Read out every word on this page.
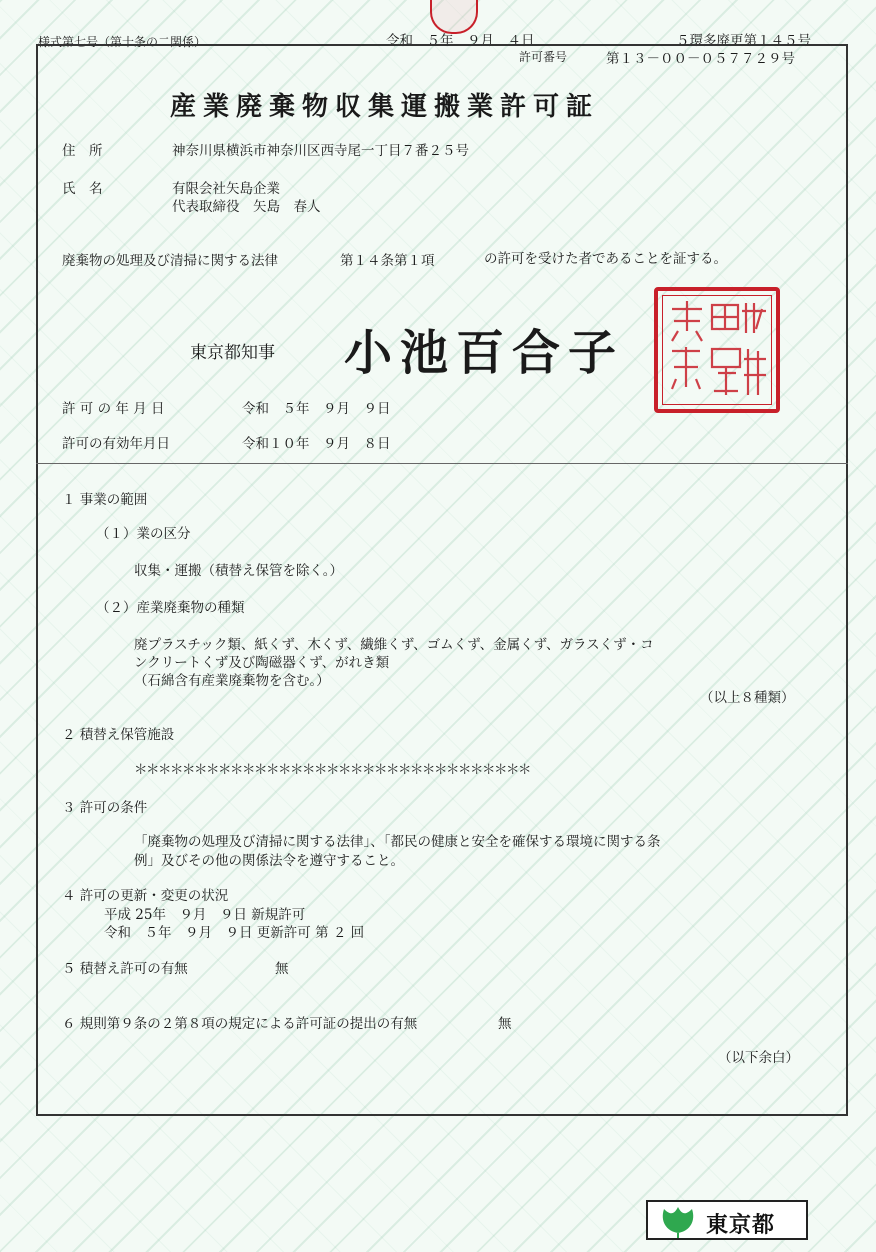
様式第七号（第十条の二関係）	令和　５年　９月　４日	５環多廃更第１４５号
許可番号	第１３－００－０５７７２９号
産業廃棄物収集運搬業許可証
住　所	神奈川県横浜市神奈川区西寺尾一丁目７番２５号
氏　名	有限会社矢島企業
代表取締役　矢島　春人
廃棄物の処理及び清掃に関する法律	第１４条第１項	の許可を受けた者であることを証する。
東京都知事 小池百合子
許 可 の 年 月 日	令和　５年　９月　９日
許可の有効年月日	令和１０年　９月　８日
１ 事業の範囲
（１）業の区分
収集・運搬（積替え保管を除く。）
（２）産業廃棄物の種類
廃プラスチック類、紙くず、木くず、繊維くず、ゴムくず、金属くず、ガラスくず・コ
ンクリートくず及び陶磁器くず、がれき類
（石綿含有産業廃棄物を含む。）
（以上８種類）
２ 積替え保管施設
＊＊＊＊＊＊＊＊＊＊＊＊＊＊＊＊＊＊＊＊＊＊＊＊＊＊＊＊＊＊＊＊＊
３ 許可の条件
「廃棄物の処理及び清掃に関する法律」、「都民の健康と安全を確保する環境に関する条
例」及びその他の関係法令を遵守すること。
４ 許可の更新・変更の状況
平成 25年　９月　９日 新規許可
令和　５年　９月　９日 更新許可 第 ２ 回
５ 積替え許可の有無	無
６ 規則第９条の２第８項の規定による許可証の提出の有無	無
（以下余白）
東京都
